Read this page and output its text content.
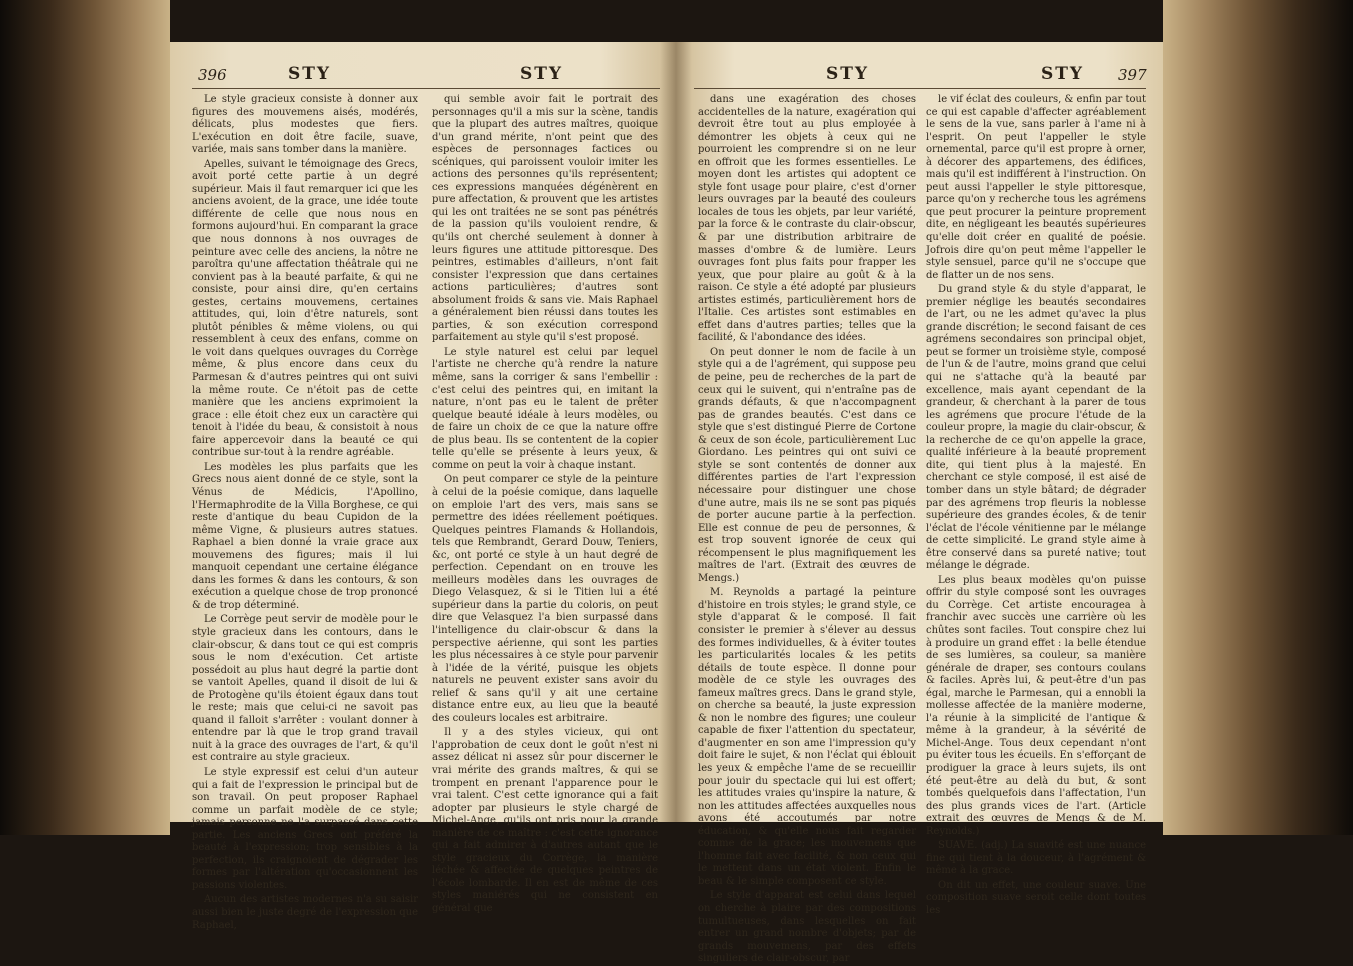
396	STY	STY

Le style gracieux consiste à donner aux figures des mouvemens aisés, modérés, délicats, plus modestes que fiers. L'exécution en doit être facile, suave, variée, mais sans tomber dans la manière.

Apelles, suivant le témoignage des Grecs, avoit porté cette partie à un degré supérieur. Mais il faut remarquer ici que les anciens avoient, de la grace, une idée toute différente de celle que nous nous en formons aujourd'hui. En comparant la grace que nous donnons à nos ouvrages de peinture avec celle des anciens, la nôtre ne paroîtra qu'une affectation théâtrale qui ne convient pas à la beauté parfaite, & qui ne consiste, pour ainsi dire, qu'en certains gestes, certains mouvemens, certaines attitudes, qui, loin d'être naturels, sont plutôt pénibles & même violens, ou qui ressemblent à ceux des enfans, comme on le voit dans quelques ouvrages du Corrège même, & plus encore dans ceux du Parmesan & d'autres peintres qui ont suivi la même route. Ce n'étoit pas de cette manière que les anciens exprimoient la grace : elle étoit chez eux un caractère qui tenoit à l'idée du beau, & consistoit à nous faire appercevoir dans la beauté ce qui contribue sur-tout à la rendre agréable.

Les modèles les plus parfaits que les Grecs nous aient donné de ce style, sont la Vénus de Médicis, l'Apollino, l'Hermaphrodite de la Villa Borghese, ce qui reste d'antique du beau Cupidon de la même Vigne, & plusieurs autres statues. Raphael a bien donné la vraie grace aux mouvemens des figures; mais il lui manquoit cependant une certaine élégance dans les formes & dans les contours, & son exécution a quelque chose de trop prononcé & de trop déterminé.

Le Corrège peut servir de modèle pour le style gracieux dans les contours, dans le clair-obscur, & dans tout ce qui est compris sous le nom d'exécution. Cet artiste possédoit au plus haut degré la partie dont se vantoit Apelles, quand il disoit de lui & de Protogène qu'ils étoient égaux dans tout le reste; mais que celui-ci ne savoit pas quand il falloit s'arrêter : voulant donner à entendre par là que le trop grand travail nuit à la grace des ouvrages de l'art, & qu'il est contraire au style gracieux.

Le style expressif est celui d'un auteur qui a fait de l'expression le principal but de son travail. On peut proposer Raphael comme un parfait modèle de ce style; jamais personne ne l'a surpassé dans cette partie. Les anciens Grecs ont préféré la beauté à l'expression; trop sensibles à la perfection, ils craignoient de dégrader les formes par l'altération qu'occasionnent les passions violentes.

Aucun des artistes modernes n'a su saisir aussi bien le juste degré de l'expression que Raphael,

qui semble avoir fait le portrait des personnages qu'il a mis sur la scène, tandis que la plupart des autres maîtres, quoique d'un grand mérite, n'ont peint que des espèces de personnages factices ou scéniques, qui paroissent vouloir imiter les actions des personnes qu'ils représentent; ces expressions manquées dégénèrent en pure affectation, & prouvent que les artistes qui les ont traitées ne se sont pas pénétrés de la passion qu'ils vouloient rendre, & qu'ils ont cherché seulement à donner à leurs figures une attitude pittoresque. Des peintres, estimables d'ailleurs, n'ont fait consister l'expression que dans certaines actions particulières; d'autres sont absolument froids & sans vie. Mais Raphael a généralement bien réussi dans toutes les parties, & son exécution correspond parfaitement au style qu'il s'est proposé.

Le style naturel est celui par lequel l'artiste ne cherche qu'à rendre la nature même, sans la corriger & sans l'embellir : c'est celui des peintres qui, en imitant la nature, n'ont pas eu le talent de prêter quelque beauté idéale à leurs modèles, ou de faire un choix de ce que la nature offre de plus beau. Ils se contentent de la copier telle qu'elle se présente à leurs yeux, & comme on peut la voir à chaque instant.

On peut comparer ce style de la peinture à celui de la poésie comique, dans laquelle on emploie l'art des vers, mais sans se permettre des idées réellement poétiques. Quelques peintres Flamands & Hollandois, tels que Rembrandt, Gerard Douw, Teniers, &c, ont porté ce style à un haut degré de perfection. Cependant on en trouve les meilleurs modèles dans les ouvrages de Diego Velasquez, & si le Titien lui a été supérieur dans la partie du coloris, on peut dire que Velasquez l'a bien surpassé dans l'intelligence du clair-obscur & dans la perspective aérienne, qui sont les parties les plus nécessaires à ce style pour parvenir à l'idée de la vérité, puisque les objets naturels ne peuvent exister sans avoir du relief & sans qu'il y ait une certaine distance entre eux, au lieu que la beauté des couleurs locales est arbitraire.

Il y a des styles vicieux, qui ont l'approbation de ceux dont le goût n'est ni assez délicat ni assez sûr pour discerner le vrai mérite des grands maîtres, & qui se trompent en prenant l'apparence pour le vrai talent. C'est cette ignorance qui a fait adopter par plusieurs le style chargé de Michel-Ange, qu'ils ont pris pour la grande manière de ce maître : c'est cette ignorance qui a fait admirer à d'autres autant que le style gracieux du Corrège, la manière léchée & affectée de quelques peintres de l'école lombarde. Il en est de même de ces styles maniérés qui ne consistent en général que

STY	STY 397

dans une exagération des choses accidentelles de la nature, exagération qui devroit être tout au plus employée à démontrer les objets à ceux qui ne pourroient les comprendre si on ne leur en offroit que les formes essentielles. Le moyen dont les artistes qui adoptent ce style font usage pour plaire, c'est d'orner leurs ouvrages par la beauté des couleurs locales de tous les objets, par leur variété, par la force & le contraste du clair-obscur, & par une distribution arbitraire de masses d'ombre & de lumière. Leurs ouvrages font plus faits pour frapper les yeux, que pour plaire au goût & à la raison. Ce style a été adopté par plusieurs artistes estimés, particulièrement hors de l'Italie. Ces artistes sont estimables en effet dans d'autres parties; telles que la facilité, & l'abondance des idées.

On peut donner le nom de facile à un style qui a de l'agrément, qui suppose peu de peine, peu de recherches de la part de ceux qui le suivent, qui n'entraîne pas de grands défauts, & que n'accompagnent pas de grandes beautés. C'est dans ce style que s'est distingué Pierre de Cortone & ceux de son école, particulièrement Luc Giordano. Les peintres qui ont suivi ce style se sont contentés de donner aux différentes parties de l'art l'expression nécessaire pour distinguer une chose d'une autre, mais ils ne se sont pas piqués de porter aucune partie à la perfection. Elle est connue de peu de personnes, & est trop souvent ignorée de ceux qui récompensent le plus magnifiquement les maîtres de l'art. (Extrait des œuvres de Mengs.)

M. Reynolds a partagé la peinture d'histoire en trois styles; le grand style, ce style d'apparat & le composé. Il fait consister le premier à s'élever au dessus des formes individuelles, & à éviter toutes les particularités locales & les petits détails de toute espèce. Il donne pour modèle de ce style les ouvrages des fameux maîtres grecs. Dans le grand style, on cherche sa beauté, la juste expression & non le nombre des figures; une couleur capable de fixer l'attention du spectateur, d'augmenter en son ame l'impression qu'y doit faire le sujet, & non l'éclat qui éblouit les yeux & empêche l'ame de se recueillir pour jouir du spectacle qui lui est offert; les attitudes vraies qu'inspire la nature, & non les attitudes affectées auxquelles nous avons été accoutumés par notre éducation, & qu'elle nous fait regarder comme de la grace; les mouvemens que l'homme fait avec facilité, & non ceux qui le mettent dans un état violent. Enfin le beau & le simple composent ce style.

Le style d'apparat est celui dans lequel on cherche à plaire par des compositions tumultueuses, dans lesquelles on fait entrer un grand nombre d'objets; par de grands mouvemens, par des effets singuliers de clair-obscur, par

le vif éclat des couleurs, & enfin par tout ce qui est capable d'affecter agréablement le sens de la vue, sans parler à l'ame ni à l'esprit. On peut l'appeller le style ornemental, parce qu'il est propre à orner, à décorer des appartemens, des édifices, mais qu'il est indifférent à l'instruction. On peut aussi l'appeller le style pittoresque, parce qu'on y recherche tous les agrémens que peut procurer la peinture proprement dite, en négligeant les beautés supérieures qu'elle doit créer en qualité de poésie. Jofrois dire qu'on peut même l'appeller le style sensuel, parce qu'il ne s'occupe que de flatter un de nos sens.

Du grand style & du style d'apparat, le premier néglige les beautés secondaires de l'art, ou ne les admet qu'avec la plus grande discrétion; le second faisant de ces agrémens secondaires son principal objet, peut se former un troisième style, composé de l'un & de l'autre, moins grand que celui qui ne s'attache qu'à la beauté par excellence, mais ayant cependant de la grandeur, & cherchant à la parer de tous les agrémens que procure l'étude de la couleur propre, la magie du clair-obscur, & la recherche de ce qu'on appelle la grace, qualité inférieure à la beauté proprement dite, qui tient plus à la majesté. En cherchant ce style composé, il est aisé de tomber dans un style bâtard; de dégrader par des agrémens trop fleuris la noblesse supérieure des grandes écoles, & de tenir l'éclat de l'école vénitienne par le mélange de cette simplicité. Le grand style aime à être conservé dans sa pureté native; tout mélange le dégrade.

Les plus beaux modèles qu'on puisse offrir du style composé sont les ouvrages du Corrège. Cet artiste encouragea à franchir avec succès une carrière où les chûtes sont faciles. Tout conspire chez lui à produire un grand effet : la belle étendue de ses lumières, sa couleur, sa manière générale de draper, ses contours coulans & faciles. Après lui, & peut-être d'un pas égal, marche le Parmesan, qui a ennobli la mollesse affectée de la manière moderne, l'a réunie à la simplicité de l'antique & même à la grandeur, à la sévérité de Michel-Ange. Tous deux cependant n'ont pu éviter tous les écueils. En s'efforçant de prodiguer la grace à leurs sujets, ils ont été peut-être au delà du but, & sont tombés quelquefois dans l'affectation, l'un des plus grands vices de l'art. (Article extrait des œuvres de Mengs & de M. Reynolds.)

SUAVE. (adj.) La suavité est une nuance fine qui tient à la douceur, à l'agrément & même à la grace.

On dit un effet, une couleur suave. Une composition suave seroit celle dont toutes les
